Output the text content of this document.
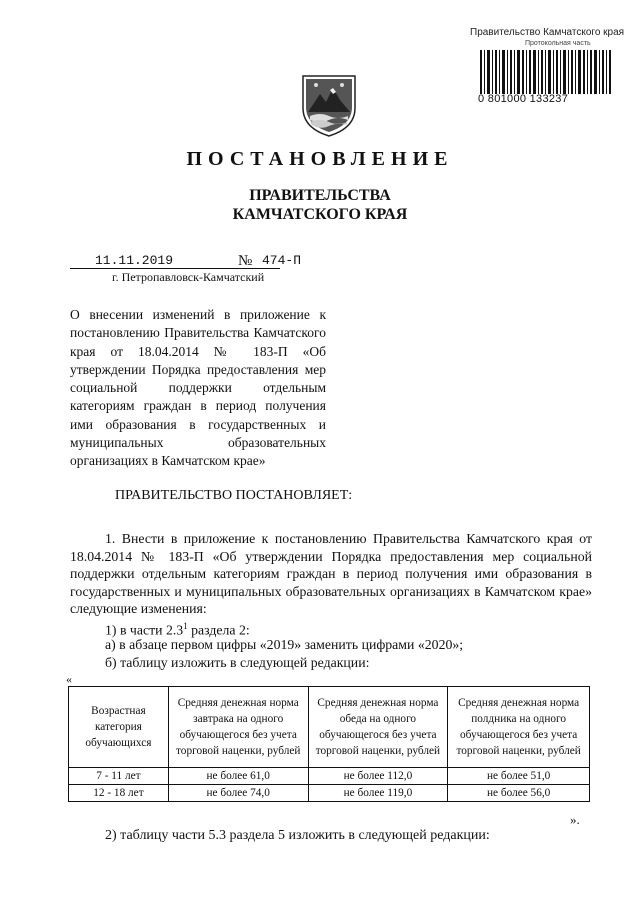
Правительство Камчатского края
Протокольная часть
0 801000 133237
ПОСТАНОВЛЕНИЕ
ПРАВИТЕЛЬСТВА
КАМЧАТСКОГО КРАЯ
11.11.2019	№ 474-П
г. Петропавловск-Камчатский
О внесении изменений в приложение к постановлению Правительства Камчатского края от 18.04.2014 № 183-П «Об утверждении Порядка предоставления мер социальной поддержки отдельным категориям граждан в период получения ими образования в государственных и муниципальных образовательных организациях в Камчатском крае»
ПРАВИТЕЛЬСТВО ПОСТАНОВЛЯЕТ:
1. Внести в приложение к постановлению Правительства Камчатского края от 18.04.2014 № 183-П «Об утверждении Порядка предоставления мер социальной поддержки отдельным категориям граждан в период получения ими образования в государственных и муниципальных образовательных организациях в Камчатском крае» следующие изменения:
1) в части $2.3^1$ раздела 2:
а) в абзаце первом цифры «2019» заменить цифрами «2020»;
б) таблицу изложить в следующей редакции:
«
Возрастная категория обучающихся	Средняя денежная норма завтрака на одного обучающегося без учета торговой наценки, рублей	Средняя денежная норма обеда на одного обучающегося без учета торговой наценки, рублей	Средняя денежная норма полдника на одного обучающегося без учета торговой наценки, рублей
7 - 11 лет	не более 61,0	не более 112,0	не более 51,0
12 - 18 лет	не более 74,0	не более 119,0	не более 56,0
».
2) таблицу части 5.3 раздела 5 изложить в следующей редакции:
